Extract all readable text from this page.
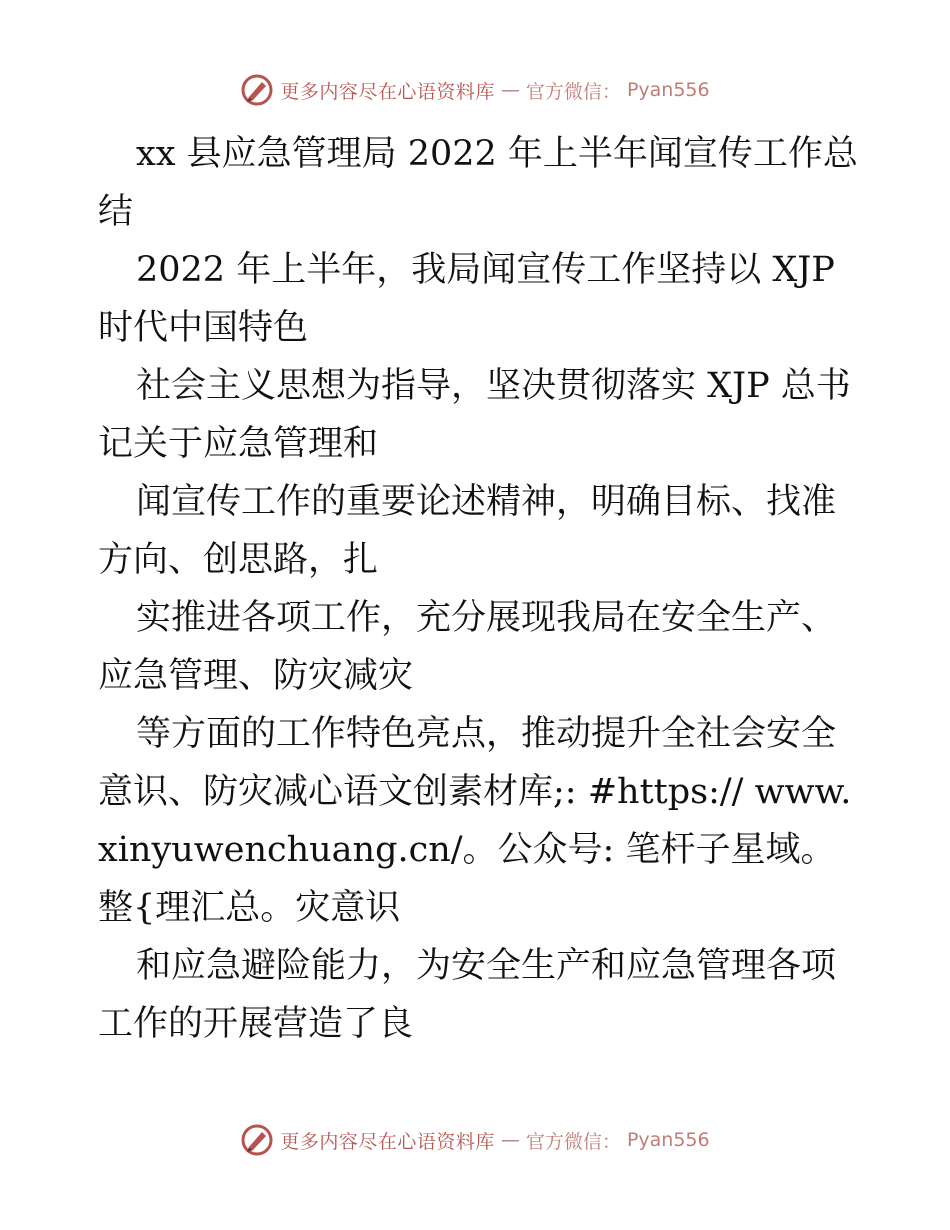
更多内容尽在心语资料库 — 官方微信： Pyan556

xx 县应急管理局 2022 年上半年闻宣传工作总结

2022 年上半年，我局闻宣传工作坚持以 XJP 时代中国特色

社会主义思想为指导，坚决贯彻落实 XJP 总书记关于应急管理和

闻宣传工作的重要论述精神，明确目标、找准方向、创思路，扎

实推进各项工作，充分展现我局在安全生产、应急管理、防灾减灾

等方面的工作特色亮点，推动提升全社会安全意识、防灾减心语文创素材库;: #https:// www.xinyuwenchuang.cn/。公众号: 笔杆子星域。整{理汇总。灾意识

和应急避险能力，为安全生产和应急管理各项工作的开展营造了良

更多内容尽在心语资料库 — 官方微信： Pyan556
